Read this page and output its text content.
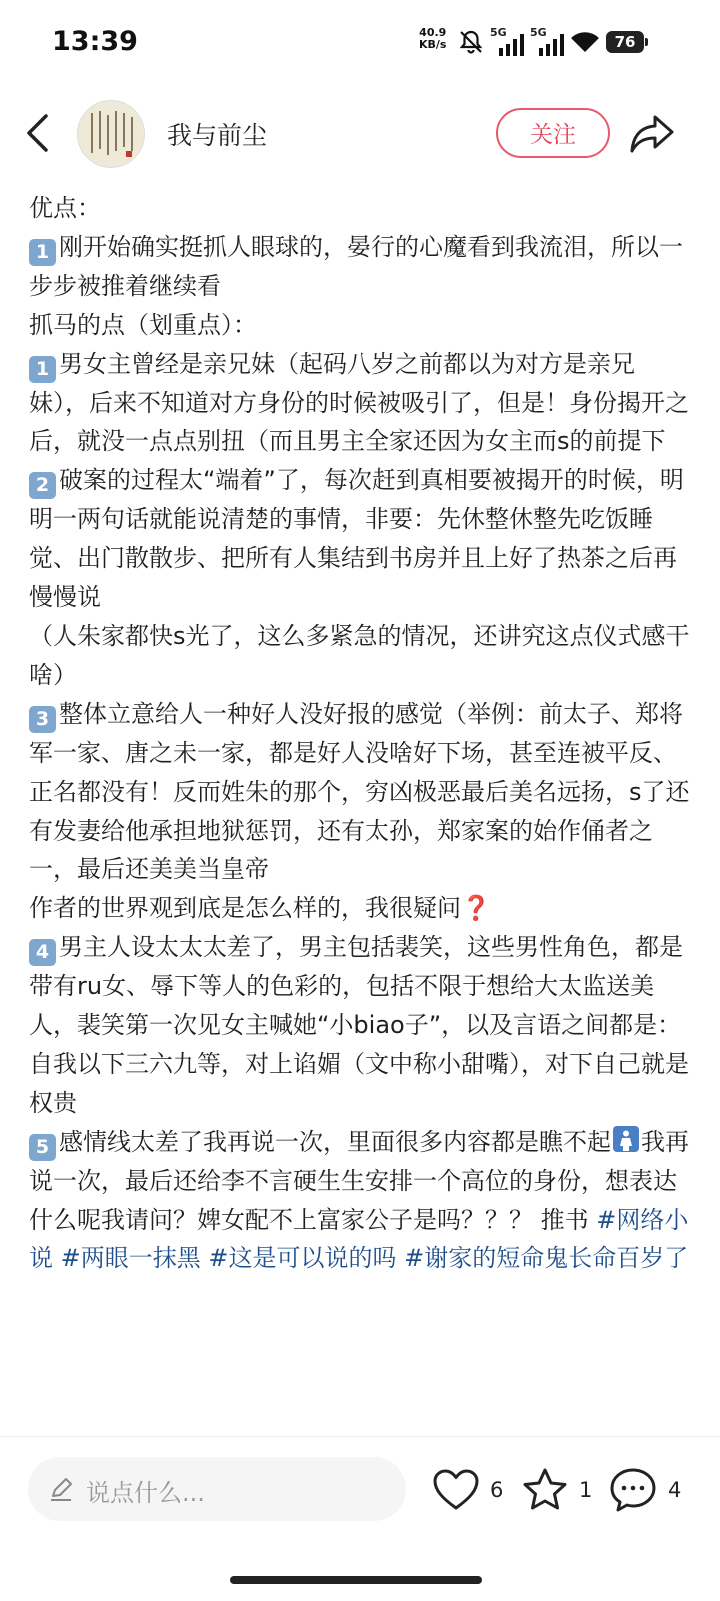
13:39	40.9
KB/s
5G 5G
76
我与前尘	关注

优点：

1 刚开始确实挺抓人眼球的，晏行的心魔看到我流泪，所以一步步被推着继续看

抓马的点（划重点）：

1 男女主曾经是亲兄妹（起码八岁之前都以为对方是亲兄妹），后来不知道对方身份的时候被吸引了，但是！身份揭开之后，就没一点点别扭（而且男主全家还因为女主而s的前提下

2 破案的过程太“端着”了，每次赶到真相要被揭开的时候，明明一两句话就能说清楚的事情，非要：先休整休整先吃饭睡觉、出门散散步、把所有人集结到书房并且上好了热茶之后再慢慢说

（人朱家都快s光了，这么多紧急的情况，还讲究这点仪式感干啥）

3 整体立意给人一种好人没好报的感觉（举例：前太子、郑将军一家、唐之未一家，都是好人没啥好下场，甚至连被平反、正名都没有！反而姓朱的那个，穷凶极恶最后美名远扬，s了还有发妻给他承担地狱惩罚，还有太孙，郑家案的始作俑者之一，最后还美美当皇帝

作者的世界观到底是怎么样的，我很疑问❓

4 男主人设太太太差了，男主包括裴笑，这些男性角色，都是带有ru女、辱下等人的色彩的，包括不限于想给大太监送美人，裴笑第一次见女主喊她“小biao子”，以及言语之间都是：自我以下三六九等，对上谄媚（文中称小甜嘴），对下自己就是权贵

5 感情线太差了我再说一次，里面很多内容都是瞧不起 我再说一次，最后还给李不言硬生生安排一个高位的身份，想表达什么呢我请问？婢女配不上富家公子是吗？？？ 推书 #网络小说 #两眼一抹黑 #这是可以说的吗 #谢家的短命鬼长命百岁了

说点什么...	6	1	4
